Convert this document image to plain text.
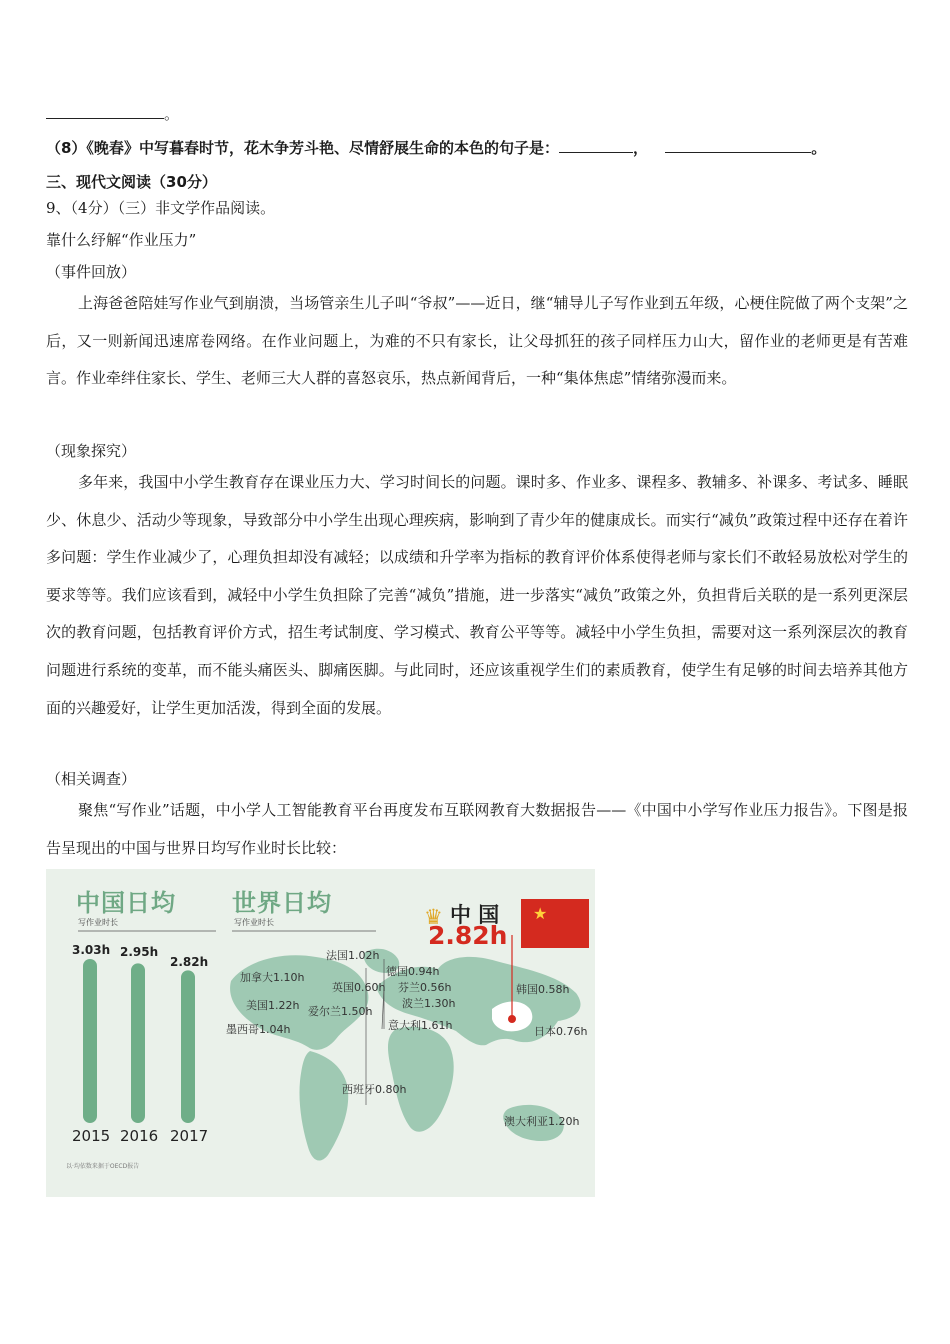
。
（8）《晚春》中写暮春时节，花木争芳斗艳、尽情舒展生命的本色的句子是：	，	。
三、现代文阅读（30分）
9、（4分）（三）非文学作品阅读。
靠什么纾解“作业压力”
（事件回放）
上海爸爸陪娃写作业气到崩溃，当场管亲生儿子叫“爷叔”——近日，继“辅导儿子写作业到五年级，心梗住院做了两个支架”之后，又一则新闻迅速席卷网络。在作业问题上，为难的不只有家长，让父母抓狂的孩子同样压力山大，留作业的老师更是有苦难言。作业牵绊住家长、学生、老师三大人群的喜怒哀乐，热点新闻背后，一种“集体焦虑”情绪弥漫而来。
（现象探究）
多年来，我国中小学生教育存在课业压力大、学习时间长的问题。课时多、作业多、课程多、教辅多、补课多、考试多、睡眠少、休息少、活动少等现象，导致部分中小学生出现心理疾病，影响到了青少年的健康成长。而实行“减负”政策过程中还存在着许多问题：学生作业减少了，心理负担却没有减轻；以成绩和升学率为指标的教育评价体系使得老师与家长们不敢轻易放松对学生的要求等等。我们应该看到，减轻中小学生负担除了完善“减负”措施，进一步落实“减负”政策之外，负担背后关联的是一系列更深层次的教育问题，包括教育评价方式，招生考试制度、学习模式、教育公平等等。减轻中小学生负担，需要对这一系列深层次的教育问题进行系统的变革，而不能头痛医头、脚痛医脚。与此同时，还应该重视学生们的素质教育，使学生有足够的时间去培养其他方面的兴趣爱好，让学生更加活泼，得到全面的发展。
（相关调查）
聚焦“写作业”话题，中小学人工智能教育平台再度发布互联网教育大数据报告——《中国中小学写作业压力报告》。下图是报告呈现出的中国与世界日均写作业时长比较：
★
♛
中国日均
写作业时长
世界日均
写作业时长
3.03h 2.95h
2.82h
2015 2016 2017
中 国
2.82h
法国1.02h
德国0.94h
加拿大1.10h
英国0.60h 芬兰0.56h
美国1.22h	波兰1.30h
爱尔兰1.50h
墨西哥1.04h	意大利1.61h
韩国0.58h
日本0.76h
西班牙0.80h
澳大利亚1.20h
以·均依数来据于OECD报告
